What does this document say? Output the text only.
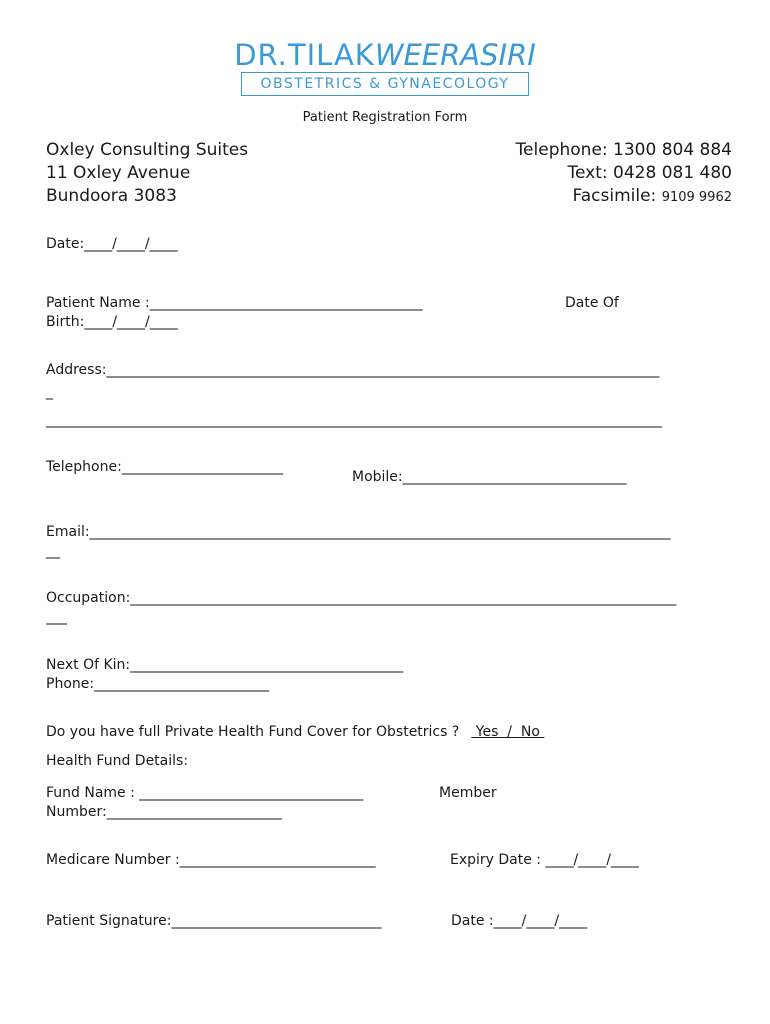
DR.TILAKWEERASIRI
OBSTETRICS & GYNAECOLOGY
Patient Registration Form
Oxley Consulting Suites
11 Oxley Avenue
Bundoora 3083
Telephone: 1300 804 884
Text: 0428 081 480
Facsimile: 9109 9962
Date:____/____/____
Patient Name :_______________________________________	Date Of
Birth:____/____/____
Address:_______________________________________________________________________________
_
________________________________________________________________________________________
Telephone:_______________________
Mobile:________________________________
Email:___________________________________________________________________________________
__
Occupation:______________________________________________________________________________
___
Next Of Kin:_______________________________________
Phone:_________________________
Do you have full Private Health Fund Cover for Obstetrics ? Yes  /  No
Health Fund Details:
Fund Name : ________________________________	Member
Number:_________________________
Medicare Number :____________________________	Expiry Date : ____/____/____
Patient Signature:______________________________	Date :____/____/____
